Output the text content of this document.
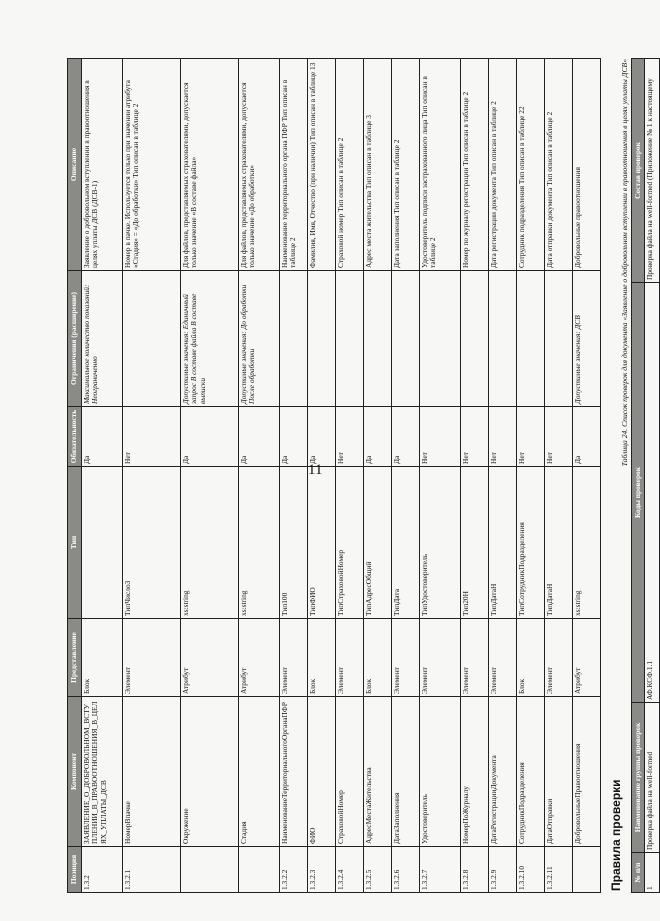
11
Позиция	Компонент	Представление	Тип	Обязательность	Ограничения (расширение)	Описание
1.3.2	ЗАЯВЛЕНИЕ_О_ДОБРОВОЛЬНОМ_ВСТУПЛЕНИИ_В_ПРАВООТНОШЕНИЯ_В_ЦЕЛЯХ_УПЛАТЫ_ДСВ	Блок		Да	Максимальное количество показаний: Неограниченно	Заявление о добровольном вступлении в правоотношения в целях уплаты ДСВ (ДСВ-1)
1.3.2.1	НомерВпачке	Элемент	ТипЧисло3	Нет		Номер в пачке. Используется только при значении атрибута «Стадия» = «До обработки» Тип описан в таблице 2
	Окружение	Атрибут	xs:string	Да	Допустимые значения: Единичный запрос В составе файла В составе выписки	Для файлов, представляемых страхователями, допускается только значение «В составе файла»
	Стадия	Атрибут	xs:string	Да	Допустимые значения: До обработки После обработки	Для файлов, представляемых страхователями, допускается только значение «До обработки»
1.3.2.2	НаименованиеТерриториальногоОрганаПФР	Элемент	Тип100	Да		Наименование территориального органа ПФР Тип описан в таблице 2
1.3.2.3	ФИО	Блок	ТипФИО	Да		Фамилия, Имя, Отчество (при наличии) Тип описан в таблице 13
1.3.2.4	СтраховойНомер	Элемент	ТипСтраховойНомер	Нет		Страховой номер Тип описан в таблице 2
1.3.2.5	АдресМестаЖительства	Блок	ТипАдресОбщий	Да		Адрес места жительства Тип описан в таблице 3
1.3.2.6	ДатаЗаполнения	Элемент	ТипДата	Да		Дата заполнения Тип описан в таблице 2
1.3.2.7	Удостоверитель	Элемент	ТипУдостоверитель	Нет		Удостоверитель подписи застрахованного лица Тип описан в таблице 2
1.3.2.8	НомерПоЖурналу	Элемент	Тип20Н	Нет		Номер по журналу регистрации Тип описан в таблице 2
1.3.2.9	ДатаРегистрацииДокумента	Элемент	ТипДатаН	Нет		Дата регистрации документа Тип описан в таблице 2
1.3.2.10	СотрудникПодразделения	Блок	ТипСотрудникПодразделения	Нет		Сотрудник подразделения Тип описан в таблице 22
1.3.2.11	ДатаОтправки	Элемент	ТипДатаН	Нет		Дата отправки документа Тип описан в таблице 2
	ДобровольныеПравоотношения	Атрибут	xs:string	Да	Допустимые значения: ДСВ	Добровольные правоотношения
Правила проверки
Таблица 24. Список проверок для документа «Заявление о добровольном вступлении в правоотношения в целях уплаты ДСВ»
№ п/п	Наименование группы проверок	Коды проверок	Состав проверок
1	Проверка файла на well-formed	АФ.КСФ.1.1	Проверка файла на well-formed (Приложение № 1 к настоящему
